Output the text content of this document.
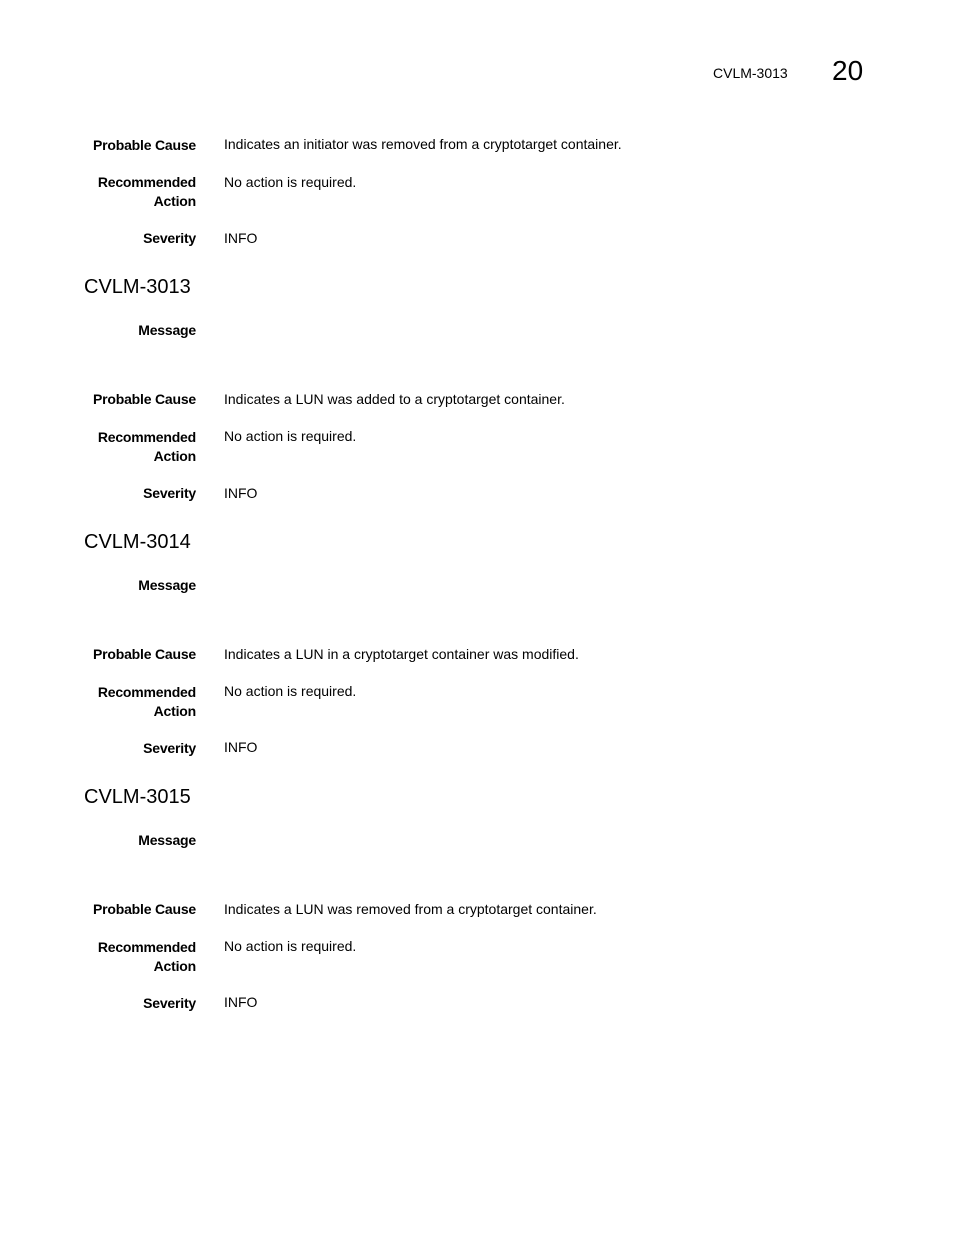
CVLM-3013 20
Probable Cause Indicates an initiator was removed from a cryptotarget container.
Recommended
Action
No action is required.
Severity INFO
CVLM-3013
Message
Probable Cause Indicates a LUN was added to a cryptotarget container.
Recommended
Action
No action is required.
Severity INFO
CVLM-3014
Message
Probable Cause Indicates a LUN in a cryptotarget container was modified.
Recommended
Action
No action is required.
Severity INFO
CVLM-3015
Message
Probable Cause Indicates a LUN was removed from a cryptotarget container.
Recommended
Action
No action is required.
Severity INFO
